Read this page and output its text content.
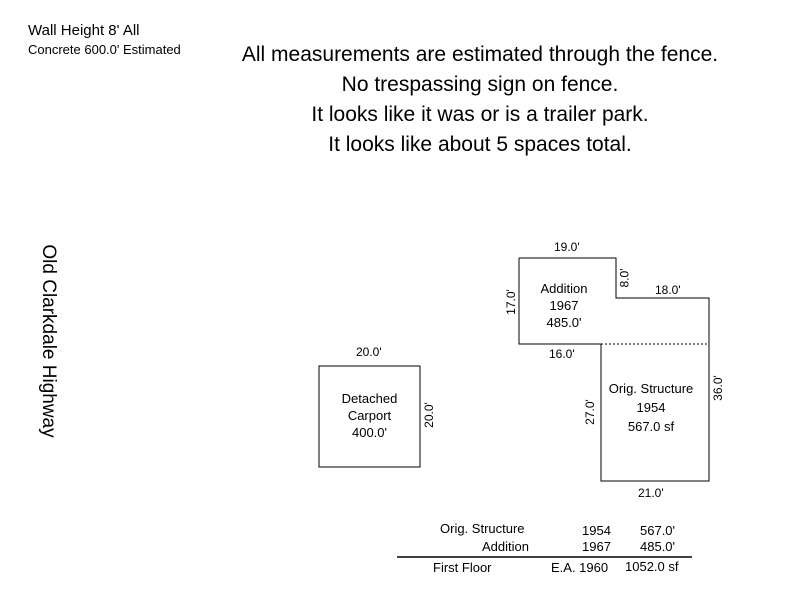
Wall Height 8' All
Concrete 600.0' Estimated	All measurements are estimated through the fence.
No trespassing sign on fence.
It looks like it was or is a trailer park.
It looks like about 5 spaces total.
Old Clarkdale Highway	20.0'
20.0'
Detached
Carport
400.0'
19.0'
17.0'
8.0'
18.0'
16.0'
Addition
1967
485.0'
Orig. Structure
1954
567.0 sf
36.0'
27.0'
21.0'
Orig. Structure	1954 567.0'
Addition	1967 485.0'
First Floor	E.A. 1960 1052.0 sf
